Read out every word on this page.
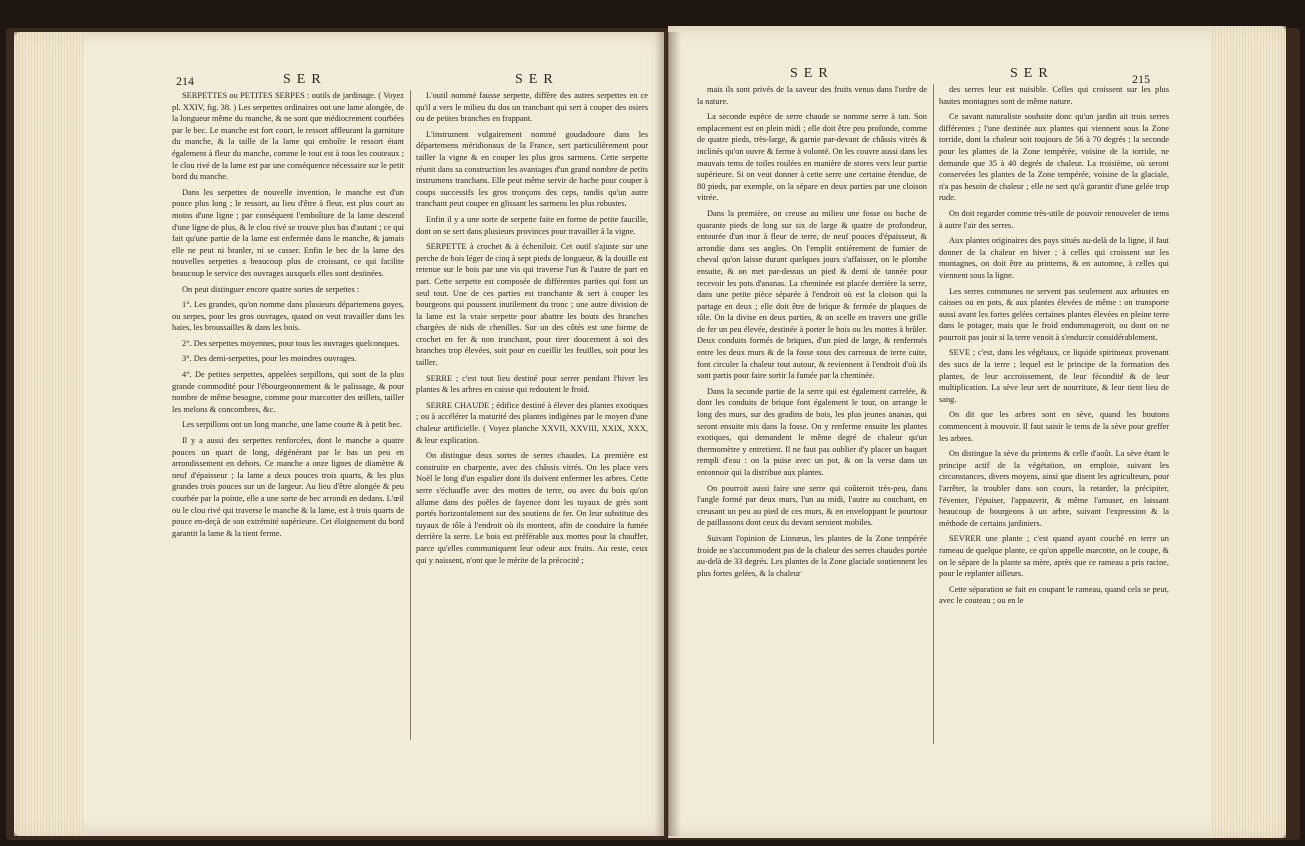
214	SER	SER

SERPETTES ou PETITES SERPES : outils de jardinage. ( Voyez pl. XXIV, fig. 38. ) Les serpettes ordinaires ont une lame alongée, de la longueur même du manche, & ne sont que médiocrement courbées par le bec. Le manche est fort court, le ressort affleurant la garniture du manche, & la taille de la lame qui emboîte le ressort étant également à fleur du manche, comme le tout est à tous les couteaux ; le clou rivé de la lame est par une conséquence nécessaire sur le petit bord du manche.

Dans les serpettes de nouvelle invention, le manche est d'un pouce plus long ; le ressort, au lieu d'être à fleur, est plus court au moins d'une ligne ; par conséquent l'emboîture de la lame descend d'une ligne de plus, & le clou rivé se trouve plus bas d'autant ; ce qui fait qu'une partie de la lame est enfermée dans le manche, & jamais elle ne peut ni branler, ni se casser. Enfin le bec de la lame des nouvelles serpettes a beaucoup plus de croissant, ce qui facilite beaucoup le service des ouvrages auxquels elles sont destinées.

On peut distinguer encore quatre sortes de serpettes :

1°. Les grandes, qu'on nomme dans plusieurs départemens goyes, ou serpes, pour les gros ouvrages, quand on veut travailler dans les haies, les broussailles & dans les bois.

2°. Des serpettes moyennes, pour tous les ouvrages quelconques.

3°. Des demi-serpettes, pour les moindres ouvrages.

4°. De petites serpettes, appelées serpillons, qui sont de la plus grande commodité pour l'ébourgeonnement & le palissage, & pour nombre de même besogne, comme pour marcotter des œillets, tailler les melons & concombres, &c.

Les serpillons ont un long manche, une lame courte & à petit bec.

Il y a aussi des serpettes renforcées, dont le manche a quatre pouces un quart de long, dégénérant par le bas un peu en arrondissement en dehors. Ce manche a onze lignes de diamètre & neuf d'épaisseur ; la lame a deux pouces trois quarts, & les plus grandes trois pouces sur un de largeur. Au lieu d'être alongée & peu courbée par la pointe, elle a une sorte de bec arrondi en dedans. L'œil ou le clou rivé qui traverse le manche & la lame, est à trois quarts de pouce en-deçà de son extrémité supérieure. Cet éloignement du bord garantit la lame & la tient ferme.

L'outil nommé fausse serpette, diffère des autres serpettes en ce qu'il a vers le milieu du dos un tranchant qui sert à couper des osiers ou de petites branches en frappant.

L'instrument vulgairement nommé goudadoure dans les départemens méridionaux de la France, sert particulièrement pour tailler la vigne & en couper les plus gros sarmens. Cette serpette réunit dans sa construction les avantages d'un grand nombre de petits instrumens tranchans. Elle peut même servir de hache pour couper à coups successifs les gros tronçons des ceps, tandis qu'un autre tranchant peut couper en glissant les sarmens les plus robustes.

Enfin il y a une sorte de serpette faite en forme de petite faucille, dont on se sert dans plusieurs provinces pour travailler à la vigne.

SERPETTE à crochet & à écheniloir. Cet outil s'ajuste sur une perche de bois léger de cinq à sept pieds de longueur, & la douille est retenue sur le bois par une vis qui traverse l'un & l'autre de part en part. Cette serpette est composée de différentes parties qui font un seul tout. Une de ces parties est tranchante & sert à couper les bourgeons qui poussent inutilement du tronc ; une autre division de la lame est la vraie serpette pour abattre les bouts des branches chargées de nids de chenilles. Sur un des côtés est une forme de crochet en fer & non tranchant, pour tirer doucement à soi des branches trop élevées, soit pour en cueillir les feuilles, soit pour les tailler.

SERRE ; c'est tout lieu destiné pour serrer pendant l'hiver les plantes & les arbres en caisse qui redoutent le froid.

SERRE CHAUDE ; édifice destiné à élever des plantes exotiques ; ou à accélérer la maturité des plantes indigènes par le moyen d'une chaleur artificielle. ( Voyez planche XXVII, XXVIII, XXIX, XXX, & leur explication.

On distingue deux sortes de serres chaudes. La première est construite en charpente, avec des châssis vitrés. On les place vers Noël le long d'un espalier dont ils doivent enfermer les arbres. Cette serre s'échauffe avec des mottes de terre, ou avec du bois qu'on allume dans des poêles de fayence dont les tuyaux de grès sont portés horizontalement sur des soutiens de fer. On leur substitue des tuyaux de tôle à l'endroit où ils montent, afin de conduire la fumée derrière la serre. Le bois est préférable aux mottes pour la chauffer, parce qu'elles communiquent leur odeur aux fruits. Au reste, ceux qui y naissent, n'ont que le mérite de la précocité ;

SER	SER	215

mais ils sont privés de la saveur des fruits venus dans l'ordre de la nature.

La seconde espèce de serre chaude se nomme serre à tan. Son emplacement est en plein midi ; elle doit être peu profonde, comme de quatre pieds, très-large, & garnie par-devant de châssis vitrés & inclinés qu'on ouvre & ferme à volonté. On les couvre aussi dans les mauvais tems de toiles roulées en manière de stores vers leur partie supérieure. Si on veut donner à cette serre une certaine étendue, de 80 pieds, par exemple, on la sépare en deux parties par une cloison vitrée.

Dans la première, on creuse au milieu une fosse ou bache de quarante pieds de long sur six de large & quatre de profondeur, entourée d'un mur à fleur de terre, de neuf pouces d'épaisseur, & arrondie dans ses angles. On l'emplit entièrement de fumier de cheval qu'on laisse durant quelques jours s'affaisser, on le plombe ensuite, & on met par-dessus un pied & demi de tannée pour recevoir les pots d'ananas. La cheminée est placée derrière la serre, dans une petite pièce séparée à l'endroit où est la cloison qui la partage en deux ; elle doit être de brique & fermée de plaques de tôle. On la divise en deux parties, & on scelle en travers une grille de fer un peu élevée, destinée à porter le bois ou les mottes à brûler. Deux conduits formés de briques, d'un pied de large, & renfermés entre les deux murs & de la fosse sous des carreaux de terre cuite, font circuler la chaleur tout autour, & reviennent à l'endroit d'où ils sont partis pour faire sortir la fumée par la cheminée.

Dans la seconde partie de la serre qui est également carrelée, & dont les conduits de brique font également le tour, on arrange le long des murs, sur des gradins de bois, les plus jeunes ananas, qui seront ensuite mis dans la fosse. On y renferme ensuite les plantes exotiques, qui demandent le même degré de chaleur qu'un thermomètre y entretient. Il ne faut pas oublier d'y placer un baquet rempli d'eau : on la puise avec un pot, & on la verse dans un entonnoir qui la distribue aux plantes.

On pourroit aussi faire une serre qui coûteroit très-peu, dans l'angle formé par deux murs, l'un au midi, l'autre au couchant, en creusant un peu au pied de ces murs, & en enveloppant le pourtour de paillassons dont ceux du devant seroient mobiles.

Suivant l'opinion de Linnæus, les plantes de la Zone tempérée froide ne s'accommodent pas de la chaleur des serres chaudes portée au-delà de 33 degrés. Les plantes de la Zone glaciale soutiennent les plus fortes gelées, & la chaleur

des serres leur est nuisible. Celles qui croissent sur les plus hautes montagnes sont de même nature.

Ce savant naturaliste souhaite donc qu'un jardin ait trois serres différentes ; l'une destinée aux plantes qui viennent sous la Zone torride, dont la chaleur soit toujours de 56 à 70 degrés ; la seconde pour les plantes de la Zone tempérée, voisine de la torride, ne demande que 35 à 40 degrés de chaleur. La troisième, où seront conservées les plantes de la Zone tempérée, voisine de la glaciale, n'a pas besoin de chaleur ; elle ne sert qu'à garantir d'une gelée trop rude.

On doit regarder comme très-utile de pouvoir renouveler de tems à autre l'air des serres.

Aux plantes originaires des pays situés au-delà de la ligne, il faut donner de la chaleur en hiver ; à celles qui croissent sur les montagnes, on doit être au printems, & en automne, à celles qui viennent sous la ligne.

Les serres communes ne servent pas seulement aux arbustes en caisses ou en pots, & aux plantes élevées de même : on transporte aussi avant les fortes gelées certaines plantes élevées en pleine terre dans le potager, mais que le froid endommageroit, ou dont on ne pourroit pas jouir si la terre venoit à s'endurcir considérablement.

SEVE ; c'est, dans les végétaux, ce liquide spiritueux provenant des sucs de la terre ; lequel est le principe de la formation des plantes, de leur accroissement, de leur fécondité & de leur multiplication. La sève leur sert de nourriture, & leur tient lieu de sang.

On dit que les arbres sont en sève, quand les boutons commencent à mouvoir. Il faut saisir le tems de la sève pour greffer les arbres.

On distingue la sève du printems & celle d'août. La sève étant le principe actif de la végétation, on emploie, suivant les circonstances, divers moyens, ainsi que disent les agriculteurs, pour l'arrêter, la troubler dans son cours, la retarder, la précipiter, l'éventer, l'épuiser, l'appauvrir, & même l'amuser, en laissant beaucoup de bourgeons à un arbre, suivant l'expression & la méthode de certains jardiniers.

SEVRER une plante ; c'est quand ayant couché en terre un rameau de quelque plante, ce qu'on appelle marcotte, on le coupe, & on le sépare de la plante sa mère, après que ce rameau a pris racine, pour le replanter ailleurs.

Cette séparation se fait en coupant le rameau, quand cela se peut, avec le couteau ; ou en le
